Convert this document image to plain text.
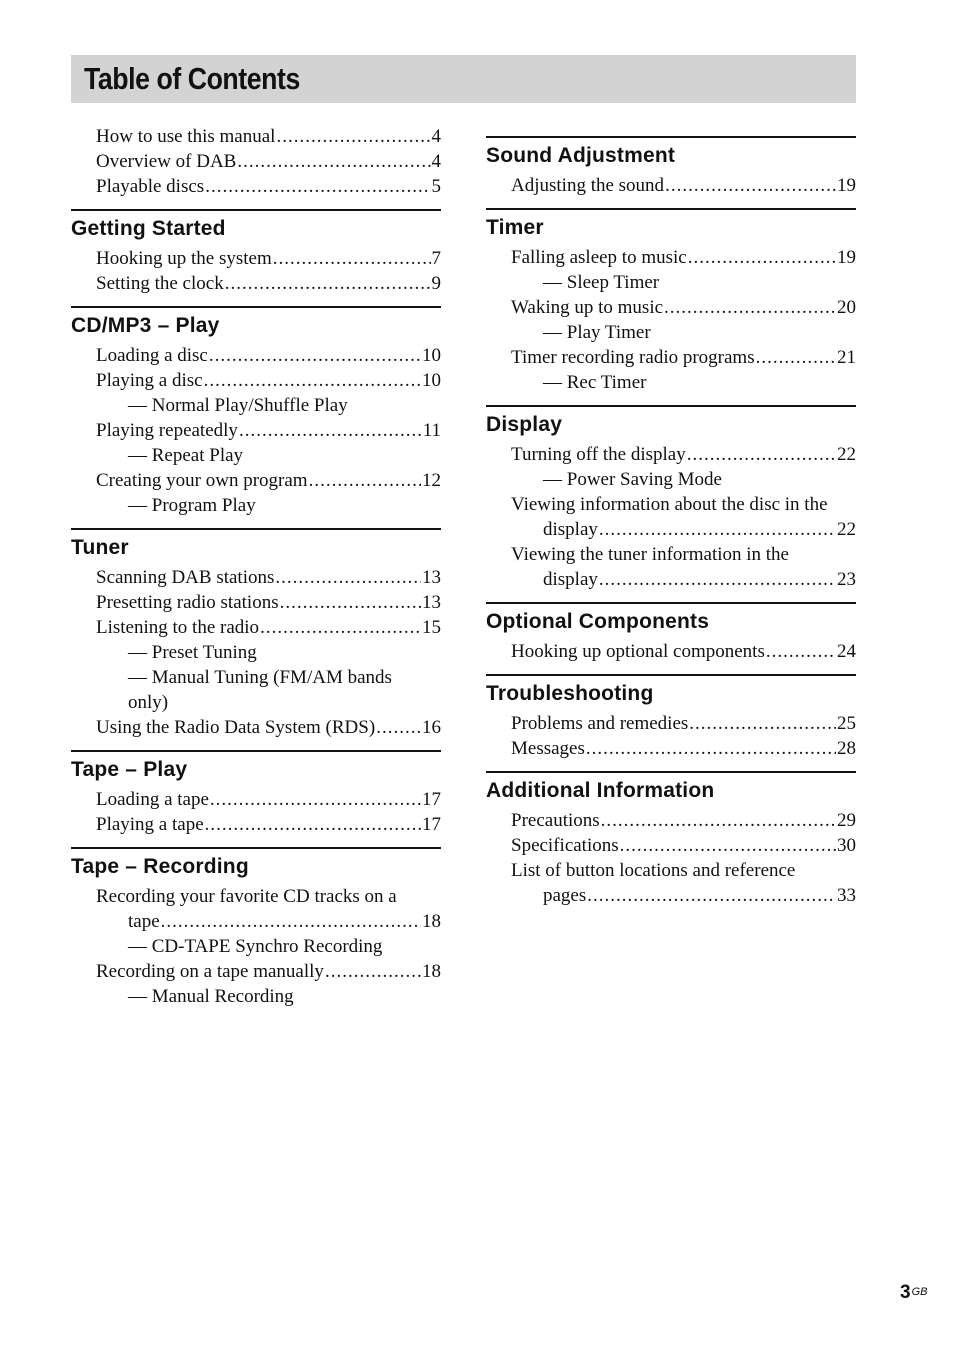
Table of Contents
How to use this manual .....	4
Overview of DAB .....	4
Playable discs .....	5
Getting Started
Hooking up the system .....	7
Setting the clock .....	9
CD/MP3 – Play
Loading a disc .....	10
Playing a disc .....	10
— Normal Play/Shuffle Play
Playing repeatedly .....	11
— Repeat Play
Creating your own program .....	12
— Program Play
Tuner
Scanning DAB stations .....	13
Presetting radio stations .....	13
Listening to the radio .....	15
— Preset Tuning
— Manual Tuning (FM/AM bands
only)
Using the Radio Data System (RDS) ..... 16
Tape – Play
Loading a tape .....	17
Playing a tape .....	17
Tape – Recording
Recording your favorite CD tracks on a
tape .....	18
— CD-TAPE Synchro Recording
Recording on a tape manually .....	18
— Manual Recording
Sound Adjustment
Adjusting the sound .....	19
Timer
Falling asleep to music .....	19
— Sleep Timer
Waking up to music .....	20
— Play Timer
Timer recording radio programs .....	21
— Rec Timer
Display
Turning off the display .....	22
— Power Saving Mode
Viewing information about the disc in the
display .....	22
Viewing the tuner information in the
display .....	23
Optional Components
Hooking up optional components .....	24
Troubleshooting
Problems and remedies .....	25
Messages .....	28
Additional Information
Precautions .....	29
Specifications .....	30
List of button locations and reference
pages .....	33
$3^{GB}$
